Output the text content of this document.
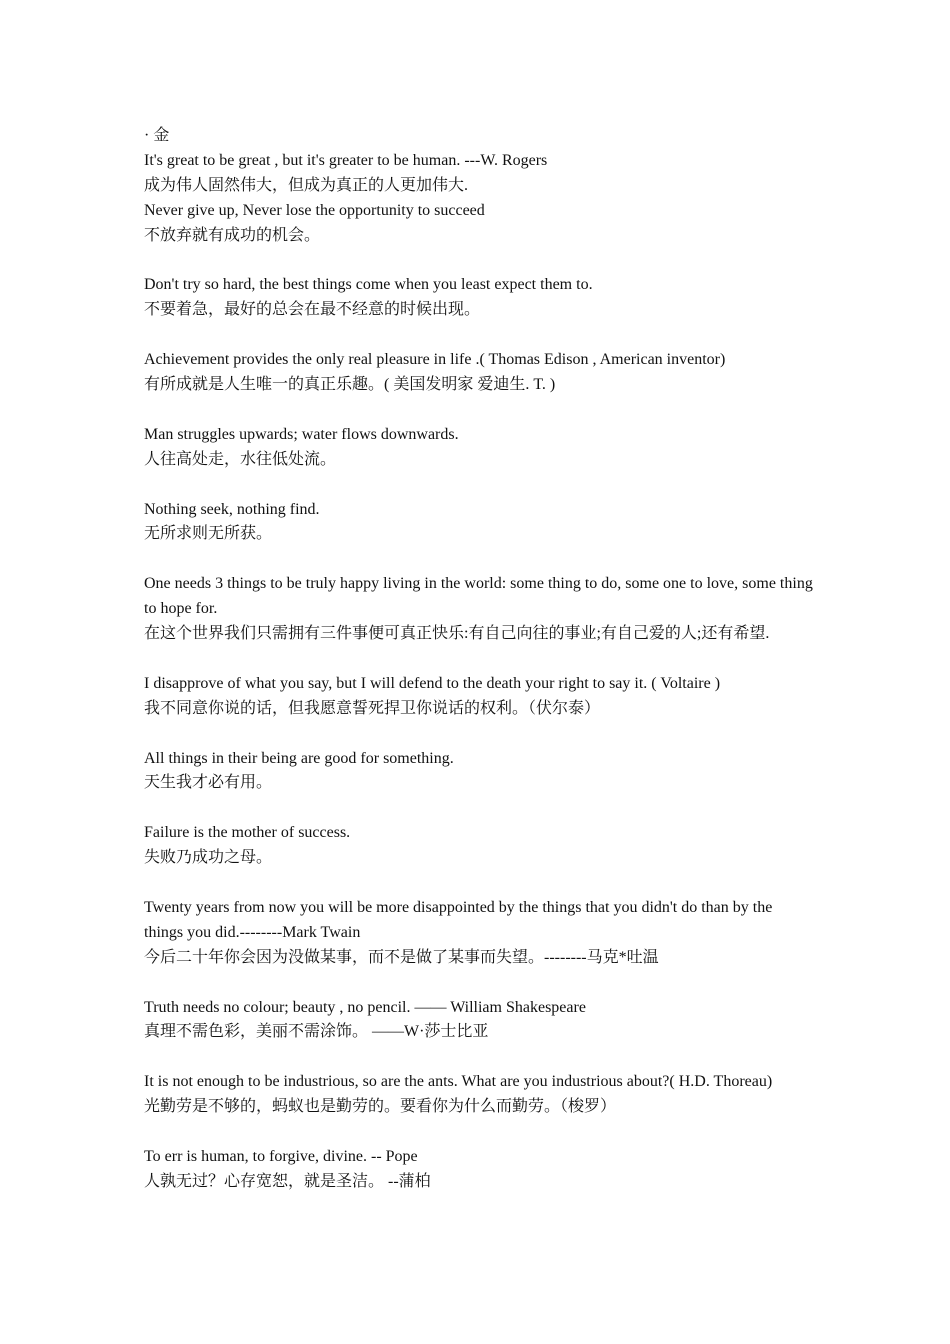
· 金
It's great to be great , but it's greater to be human. ---W. Rogers
成为伟人固然伟大，但成为真正的人更加伟大.
Never give up, Never lose the opportunity to succeed
不放弃就有成功的机会。
Don't try so hard, the best things come when you least expect them to.
不要着急，最好的总会在最不经意的时候出现。
Achievement provides the only real pleasure in life .( Thomas Edison , American inventor)
有所成就是人生唯一的真正乐趣。( 美国发明家 爱迪生. T. )
Man struggles upwards; water flows downwards.
人往高处走，水往低处流。
Nothing seek, nothing find.
无所求则无所获。
One needs 3 things to be truly happy living in the world: some thing to do, some one to love, some thing to hope for.
在这个世界我们只需拥有三件事便可真正快乐:有自己向往的事业;有自己爱的人;还有希望.
I disapprove of what you say, but I will defend to the death your right to say it. ( Voltaire )
我不同意你说的话，但我愿意誓死捍卫你说话的权利。（伏尔泰）
All things in their being are good for something.
天生我才必有用。
Failure is the mother of success.
失败乃成功之母。
Twenty years from now you will be more disappointed by the things that you didn't do than by the things you did.--------Mark Twain
今后二十年你会因为没做某事，而不是做了某事而失望。--------马克*吐温
Truth needs no colour; beauty , no pencil. —— William Shakespeare
真理不需色彩，美丽不需涂饰。 ——W·莎士比亚
It is not enough to be industrious, so are the ants. What are you industrious about?( H.D. Thoreau)
光勤劳是不够的，蚂蚁也是勤劳的。要看你为什么而勤劳。（梭罗）
To err is human, to forgive, divine. -- Pope
人孰无过？心存宽恕，就是圣洁。 --蒲柏
